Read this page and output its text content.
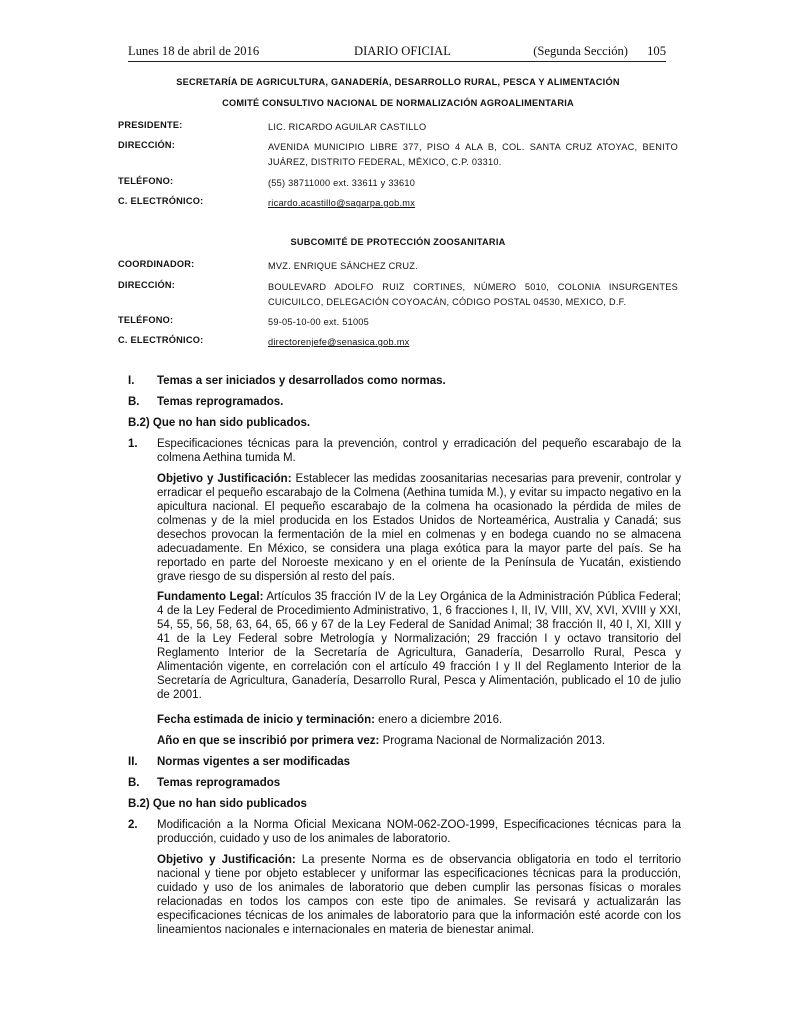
Lunes 18 de abril de 2016	DIARIO OFICIAL	(Segunda Sección) 105
SECRETARÍA DE AGRICULTURA, GANADERÍA, DESARROLLO RURAL, PESCA Y ALIMENTACIÓN
COMITÉ CONSULTIVO NACIONAL DE NORMALIZACIÓN AGROALIMENTARIA
PRESIDENTE:	LIC. RICARDO AGUILAR CASTILLO
DIRECCIÓN:	AVENIDA MUNICIPIO LIBRE 377, PISO 4 ALA B, COL. SANTA CRUZ ATOYAC, BENITO JUÁREZ, DISTRITO FEDERAL, MÉXICO, C.P. 03310.
TELÉFONO:	(55) 38711000 ext. 33611 y 33610
C. ELECTRÓNICO:	ricardo.acastillo@sagarpa.gob.mx
SUBCOMITÉ DE PROTECCIÓN ZOOSANITARIA
COORDINADOR:	MVZ. ENRIQUE SÁNCHEZ CRUZ.
DIRECCIÓN:	BOULEVARD ADOLFO RUIZ CORTINES, NÚMERO 5010, COLONIA INSURGENTES CUICUILCO, DELEGACIÓN COYOACÁN, CÓDIGO POSTAL 04530, MEXICO, D.F.
TELÉFONO:	59-05-10-00 ext. 51005
C. ELECTRÓNICO:	directorenjefe@senasica.gob.mx
I. Temas a ser iniciados y desarrollados como normas.
B. Temas reprogramados.
B.2) Que no han sido publicados.
1. Especificaciones técnicas para la prevención, control y erradicación del pequeño escarabajo de la colmena Aethina tumida M.
Objetivo y Justificación: Establecer las medidas zoosanitarias necesarias para prevenir, controlar y erradicar el pequeño escarabajo de la Colmena (Aethina tumida M.), y evitar su impacto negativo en la apicultura nacional. El pequeño escarabajo de la colmena ha ocasionado la pérdida de miles de colmenas y de la miel producida en los Estados Unidos de Norteamérica, Australia y Canadá; sus desechos provocan la fermentación de la miel en colmenas y en bodega cuando no se almacena adecuadamente. En México, se considera una plaga exótica para la mayor parte del país. Se ha reportado en parte del Noroeste mexicano y en el oriente de la Península de Yucatán, existiendo grave riesgo de su dispersión al resto del país.
Fundamento Legal: Artículos 35 fracción IV de la Ley Orgánica de la Administración Pública Federal; 4 de la Ley Federal de Procedimiento Administrativo, 1, 6 fracciones I, II, IV, VIII, XV, XVI, XVIII y XXI, 54, 55, 56, 58, 63, 64, 65, 66 y 67 de la Ley Federal de Sanidad Animal; 38 fracción II, 40 I, XI, XIII y 41 de la Ley Federal sobre Metrología y Normalización; 29 fracción I y octavo transitorio del Reglamento Interior de la Secretaría de Agricultura, Ganadería, Desarrollo Rural, Pesca y Alimentación vigente, en correlación con el artículo 49 fracción I y II del Reglamento Interior de la Secretaría de Agricultura, Ganadería, Desarrollo Rural, Pesca y Alimentación, publicado el 10 de julio de 2001.
Fecha estimada de inicio y terminación: enero a diciembre 2016.
Año en que se inscribió por primera vez: Programa Nacional de Normalización 2013.
II. Normas vigentes a ser modificadas
B. Temas reprogramados
B.2) Que no han sido publicados
2. Modificación a la Norma Oficial Mexicana NOM-062-ZOO-1999, Especificaciones técnicas para la producción, cuidado y uso de los animales de laboratorio.
Objetivo y Justificación: La presente Norma es de observancia obligatoria en todo el territorio nacional y tiene por objeto establecer y uniformar las especificaciones técnicas para la producción, cuidado y uso de los animales de laboratorio que deben cumplir las personas físicas o morales relacionadas en todos los campos con este tipo de animales. Se revisará y actualizarán las especificaciones técnicas de los animales de laboratorio para que la información esté acorde con los lineamientos nacionales e internacionales en materia de bienestar animal.
